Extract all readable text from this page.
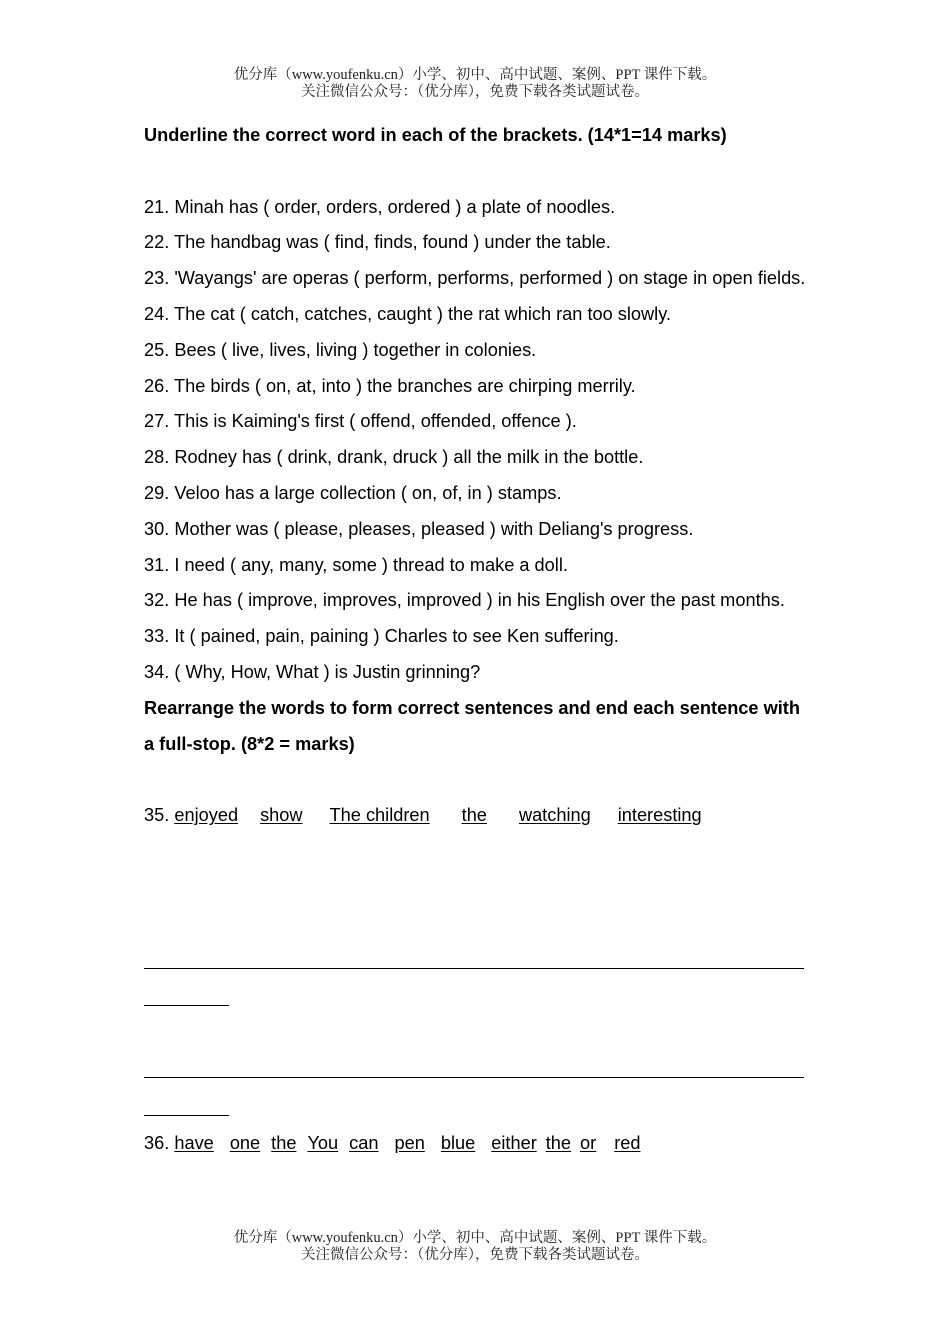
优分库（www.youfenku.cn）小学、初中、高中试题、案例、PPT 课件下载。
关注微信公众号：（优分库），免费下载各类试题试卷。

Underline the correct word in each of the brackets. (14*1=14 marks)

21. Minah has ( order, orders, ordered ) a plate of noodles.

22. The handbag was ( find, finds, found ) under the table.

23. 'Wayangs' are operas ( perform, performs, performed ) on stage in open fields.

24. The cat ( catch, catches, caught ) the rat which ran too slowly.

25. Bees ( live, lives, living ) together in colonies.

26. The birds ( on, at, into ) the branches are chirping merrily.

27. This is Kaiming's first ( offend, offended, offence ).

28. Rodney has ( drink, drank, druck ) all the milk in the bottle.

29. Veloo has a large collection ( on, of, in ) stamps.

30. Mother was ( please, pleases, pleased ) with Deliang's progress.

31. I need ( any, many, some ) thread to make a doll.

32. He has ( improve, improves, improved ) in his English over the past months.

33. It ( pained, pain, paining ) Charles to see Ken suffering.

34. ( Why, How, What ) is Justin grinning?

Rearrange the words to form correct sentences and end each sentence with a full-stop. (8*2 = marks)

35. enjoyed show The children the watching interesting

36. have one the You can pen blue either the or red

优分库（www.youfenku.cn）小学、初中、高中试题、案例、PPT 课件下载。
关注微信公众号：（优分库），免费下载各类试题试卷。
